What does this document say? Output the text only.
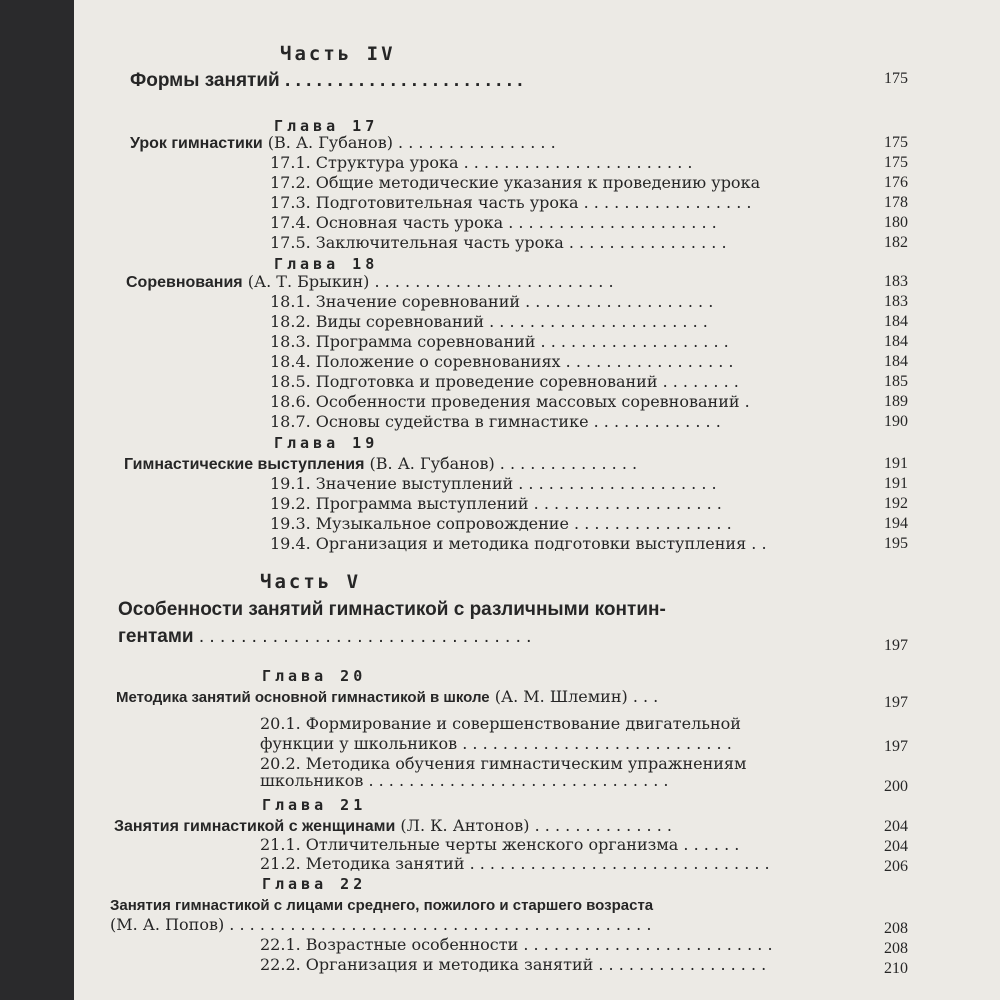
Часть IV
Формы занятий . . . . . . . . . . . . . . . . . . . . . . .	175
Глава 17
Урок гимнастики (В. А. Губанов) . . . . . . . . . . . . . . . .	175
17.1. Структура урока . . . . . . . . . . . . . . . . . . . . . . .	175
17.2. Общие методические указания к проведению урока	176
17.3. Подготовительная часть урока . . . . . . . . . . . . . . . . .	178
17.4. Основная часть урока . . . . . . . . . . . . . . . . . . . . .	180
17.5. Заключительная часть урока . . . . . . . . . . . . . . . .	182
Глава 18
Соревнования (А. Т. Брыкин) . . . . . . . . . . . . . . . . . . . . . . . .	183
18.1. Значение соревнований . . . . . . . . . . . . . . . . . . .	183
18.2. Виды соревнований . . . . . . . . . . . . . . . . . . . . . .	184
18.3. Программа соревнований . . . . . . . . . . . . . . . . . . .	184
18.4. Положение о соревнованиях . . . . . . . . . . . . . . . . .	184
18.5. Подготовка и проведение соревнований . . . . . . . .	185
18.6. Особенности проведения массовых соревнований .	189
18.7. Основы судейства в гимнастике . . . . . . . . . . . . .	190
Глава 19
Гимнастические выступления (В. А. Губанов) . . . . . . . . . . . . . .	191
19.1. Значение выступлений . . . . . . . . . . . . . . . . . . . .	191
19.2. Программа выступлений . . . . . . . . . . . . . . . . . . .	192
19.3. Музыкальное сопровождение . . . . . . . . . . . . . . . .	194
19.4. Организация и методика подготовки выступления . .	195
Часть V
Особенности занятий гимнастикой с различными контин-
гентами . . . . . . . . . . . . . . . . . . . . . . . . . . . . . . . .	197
Глава 20
Методика занятий основной гимнастикой в школе (А. М. Шлемин) . . .	197
20.1. Формирование и совершенствование двигательной
функции у школьников . . . . . . . . . . . . . . . . . . . . . . . . . . .	197
20.2. Методика обучения гимнастическим упражнениям
школьников . . . . . . . . . . . . . . . . . . . . . . . . . . . . . .	200
Глава 21
Занятия гимнастикой с женщинами (Л. К. Антонов) . . . . . . . . . . . . . .	204
21.1. Отличительные черты женского организма . . . . . .	204
21.2. Методика занятий . . . . . . . . . . . . . . . . . . . . . . . . . . . . . .	206
Глава 22
Занятия гимнастикой с лицами среднего, пожилого и старшего возраста
(М. А. Попов) . . . . . . . . . . . . . . . . . . . . . . . . . . . . . . . . . . . . . . . . . .	208
22.1. Возрастные особенности . . . . . . . . . . . . . . . . . . . . . . . . .	208
22.2. Организация и методика занятий . . . . . . . . . . . . . . . . .	210
